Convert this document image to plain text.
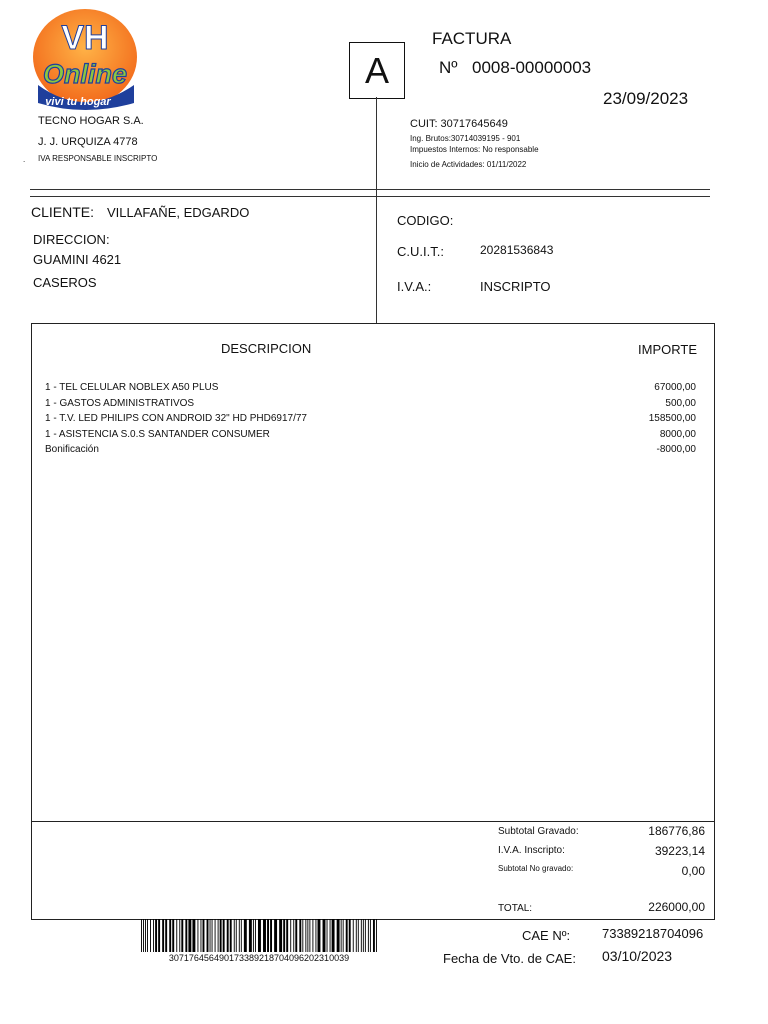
VH
Online
vivi tu hogar
FACTURA
A	Nº 0008-00000003
23/09/2023
TECNO HOGAR S.A.
J. J. URQUIZA 4778
. IVA RESPONSABLE INSCRIPTO
CUIT: 30717645649
Ing. Brutos:30714039195 - 901
Impuestos Internos: No responsable
Inicio de Actividades: 01/11/2022
CLIENTE: VILLAFAÑE, EDGARDO
DIRECCION:
GUAMINI 4621
CASEROS
CODIGO:
C.U.I.T.:	20281536843
I.V.A.:	INSCRIPTO
DESCRIPCION	IMPORTE
Subtotal Gravado:	186776,86
I.V.A. Inscripto:	39223,14
Subtotal No gravado:	0,00
TOTAL:	226000,00
1 - TEL CELULAR NOBLEX A50 PLUS	67000,00
1 - GASTOS ADMINISTRATIVOS	500,00
1 - T.V. LED PHILIPS CON ANDROID 32" HD PHD6917/77	158500,00
1 - ASISTENCIA S.0.S SANTANDER CONSUMER	8000,00
Bonificación	-8000,00
307176456490173389218704096202310039
CAE Nº: 73389218704096
Fecha de Vto. de CAE: 03/10/2023
